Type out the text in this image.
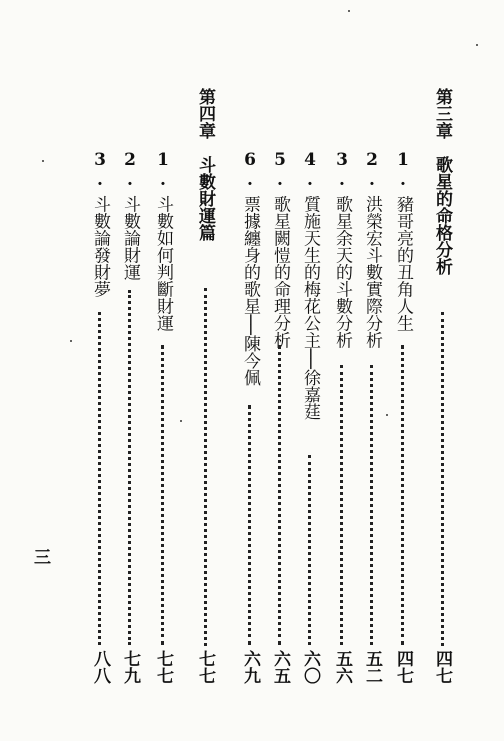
第三章　歌星的命格分析
四七
1. 豬哥亮的丑角人生
四七
2. 洪榮宏斗數實際分析
五二
3. 歌星余天的斗數分析
五六
4. 質施天生的梅花公主──徐嘉莛
六〇
5. 歌星闕愷的命理分析
六五
6. 票據纏身的歌星──陳今佩
六九
第四章　斗數財運篇
七七
1. 斗數如何判斷財運
七七
2. 斗數論財運
七九
3. 斗數論發財夢
八八
三
